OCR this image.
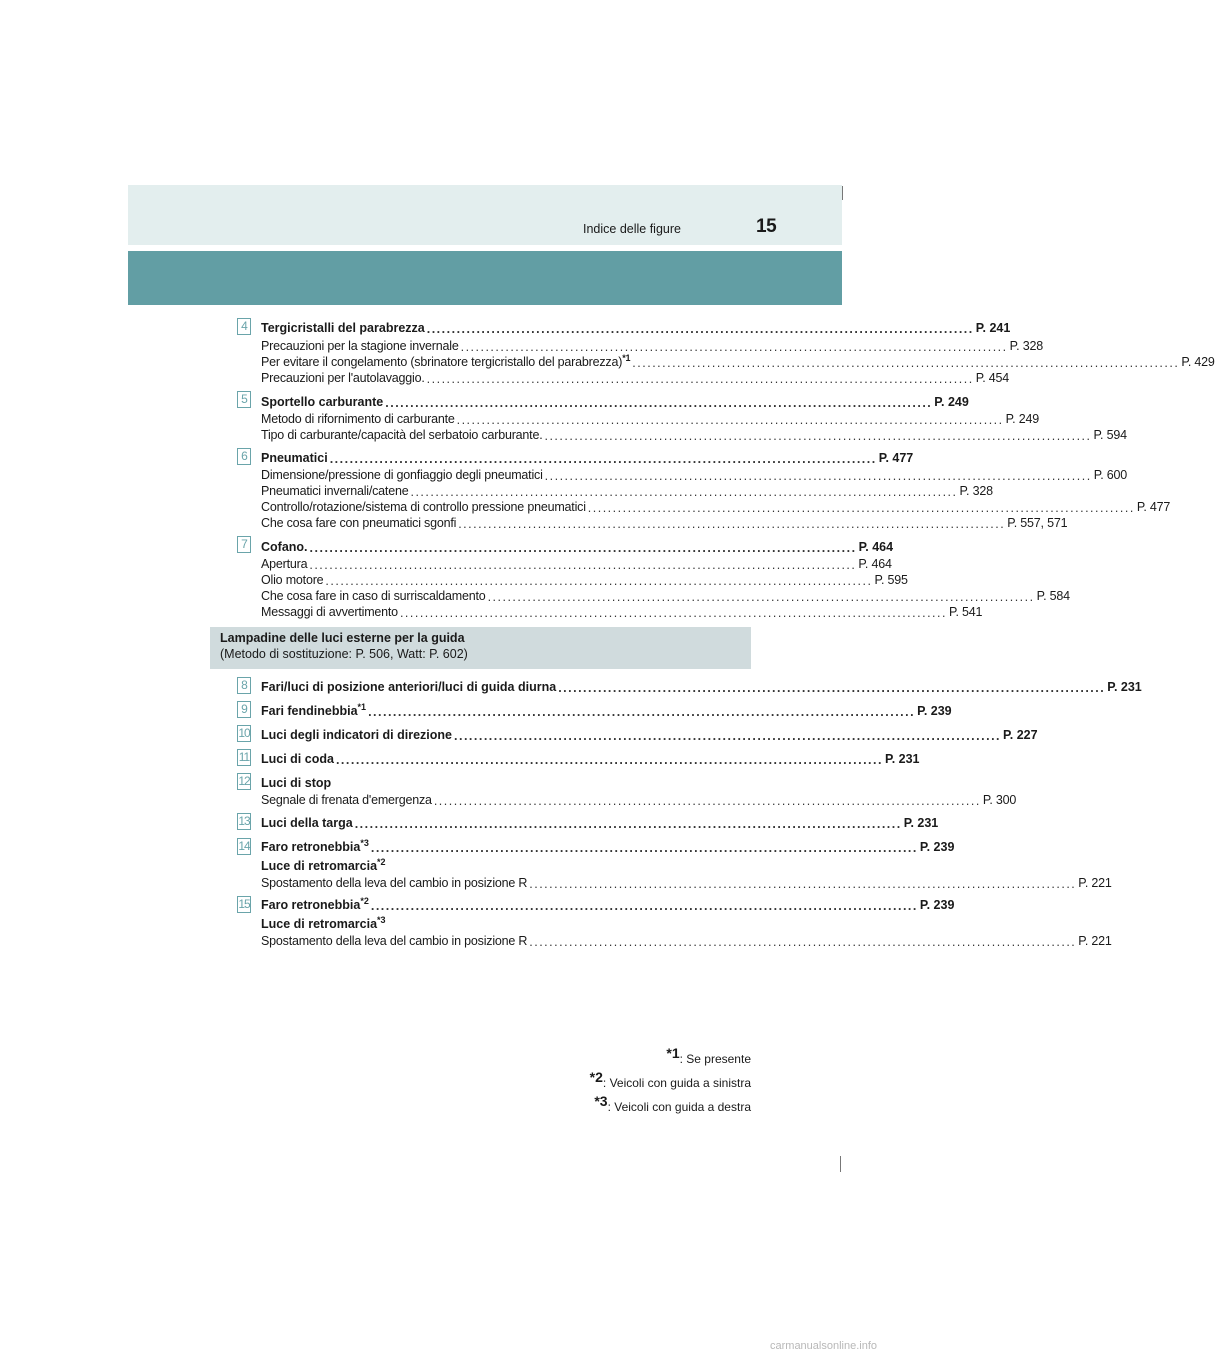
Indice delle figure	15
4	Tergicristalli del parabrezza .............................................................................................................. P. 241
Precauzioni per la stagione invernale .............................................................................................................. P. 328
Per evitare il congelamento (sbrinatore tergicristallo del parabrezza)$^{*1}$ .............................................................................................................. P. 429
Precauzioni per l'autolavaggio. .............................................................................................................. P. 454
5	Sportello carburante .............................................................................................................. P. 249
Metodo di rifornimento di carburante .............................................................................................................. P. 249
Tipo di carburante/capacità del serbatoio carburante. .............................................................................................................. P. 594
6	Pneumatici .............................................................................................................. P. 477
Dimensione/pressione di gonfiaggio degli pneumatici .............................................................................................................. P. 600
Pneumatici invernali/catene .............................................................................................................. P. 328
Controllo/rotazione/sistema di controllo pressione pneumatici .............................................................................................................. P. 477
Che cosa fare con pneumatici sgonfi .............................................................................................................. P. 557, 571
7	Cofano. .............................................................................................................. P. 464
Apertura .............................................................................................................. P. 464
Olio motore .............................................................................................................. P. 595
Che cosa fare in caso di surriscaldamento .............................................................................................................. P. 584
Messaggi di avvertimento .............................................................................................................. P. 541
Lampadine delle luci esterne per la guida
(Metodo di sostituzione: P. 506, Watt: P. 602)
8	Fari/luci di posizione anteriori/luci di guida diurna .............................................................................................................. P. 231
9	Fari fendinebbia$^{*1}$ .............................................................................................................. P. 239
10 Luci degli indicatori di direzione .............................................................................................................. P. 227
11 Luci di coda .............................................................................................................. P. 231
12 Luci di stop
Segnale di frenata d'emergenza .............................................................................................................. P. 300
13 Luci della targa .............................................................................................................. P. 231
14 Faro retronebbia$^{*3}$ .............................................................................................................. P. 239
Luce di retromarcia$^{*2}$
Spostamento della leva del cambio in posizione R .............................................................................................................. P. 221
15 Faro retronebbia$^{*2}$ .............................................................................................................. P. 239
Luce di retromarcia$^{*3}$
Spostamento della leva del cambio in posizione R .............................................................................................................. P. 221
$^{*1}$: Se presente
$^{*2}$: Veicoli con guida a sinistra
$^{*3}$: Veicoli con guida a destra
carmanualsonline.info
